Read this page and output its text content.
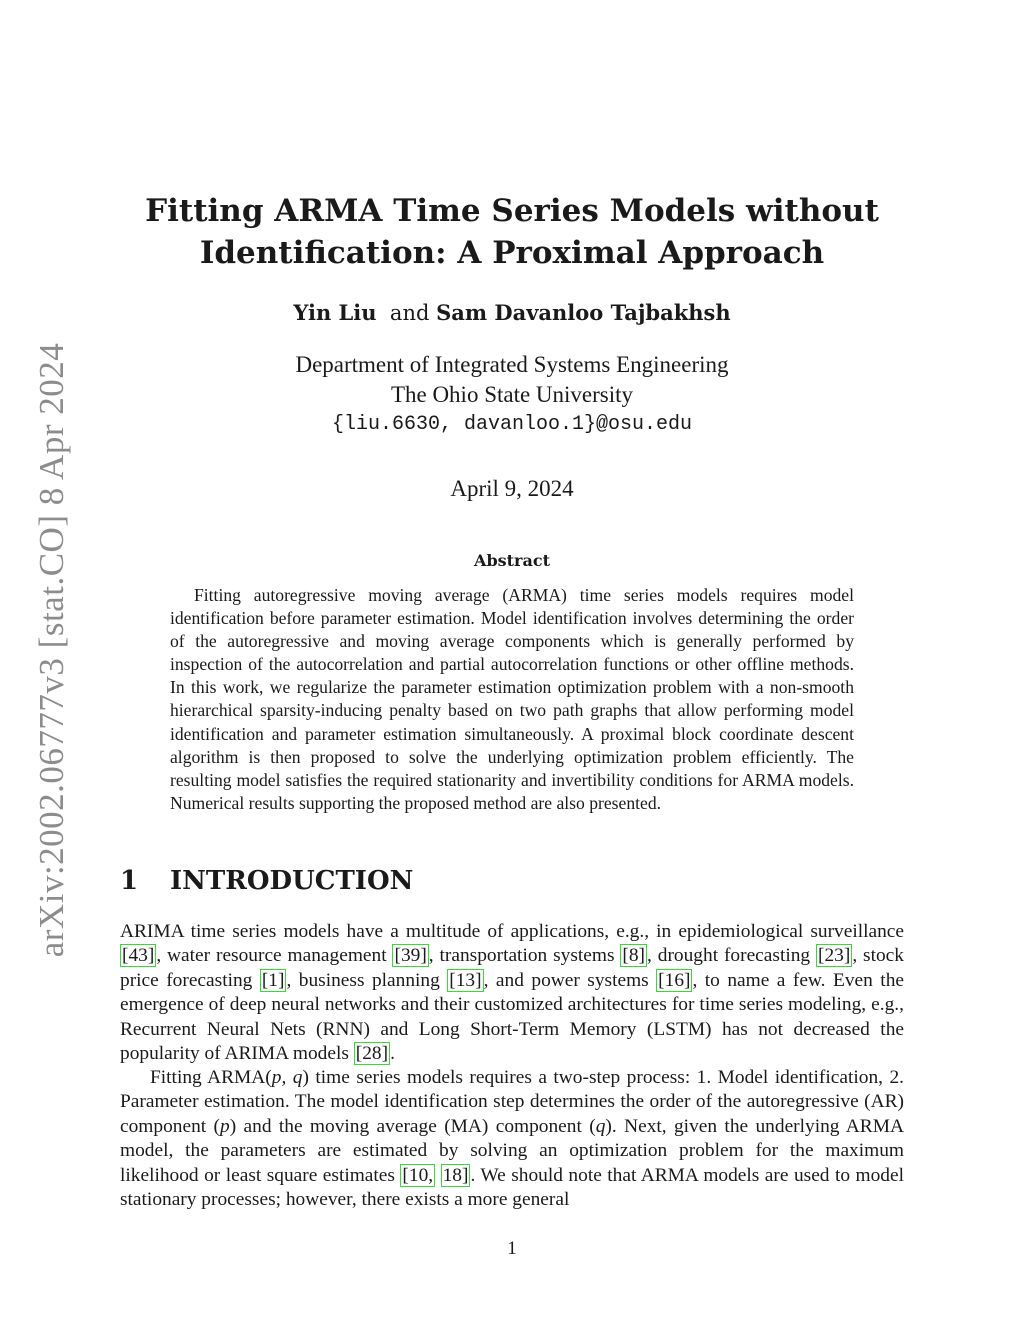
arXiv:2002.06777v3 [stat.CO] 8 Apr 2024
Fitting ARMA Time Series Models without
Identification: A Proximal Approach
Yin Liu and Sam Davanloo Tajbakhsh
Department of Integrated Systems Engineering
The Ohio State University
{liu.6630, davanloo.1}@osu.edu
April 9, 2024
Abstract

Fitting autoregressive moving average (ARMA) time series models requires model identification before parameter estimation. Model identification involves determining the order of the autoregressive and moving average components which is generally performed by inspection of the autocorrelation and partial autocorrelation functions or other offline methods. In this work, we regularize the parameter estimation optimization problem with a non-smooth hierarchical sparsity-inducing penalty based on two path graphs that allow performing model identification and parameter estimation simultaneously. A proximal block coordinate descent algorithm is then proposed to solve the underlying optimization problem efficiently. The resulting model satisfies the required stationarity and invertibility conditions for ARMA models. Numerical results supporting the proposed method are also presented.

1 INTRODUCTION

ARIMA time series models have a multitude of applications, e.g., in epidemiological surveillance [43] , water resource management [39] , transportation systems [8] , drought forecasting [23] , stock price forecasting [1] , business planning [13] , and power systems [16] , to name a few. Even the emergence of deep neural networks and their customized architectures for time series modeling, e.g., Recurrent Neural Nets (RNN) and Long Short-Term Memory (LSTM) has not decreased the popularity of ARIMA models [28] .

Fitting ARMA(p, q) time series models requires a two-step process: 1. Model identification, 2. Parameter estimation. The model identification step determines the order of the autoregressive (AR) component (p) and the moving average (MA) component (q). Next, given the underlying ARMA model, the parameters are estimated by solving an optimization problem for the maximum likelihood or least square estimates [10, 18] . We should note that ARMA models are used to model stationary processes; however, there exists a more general

1
